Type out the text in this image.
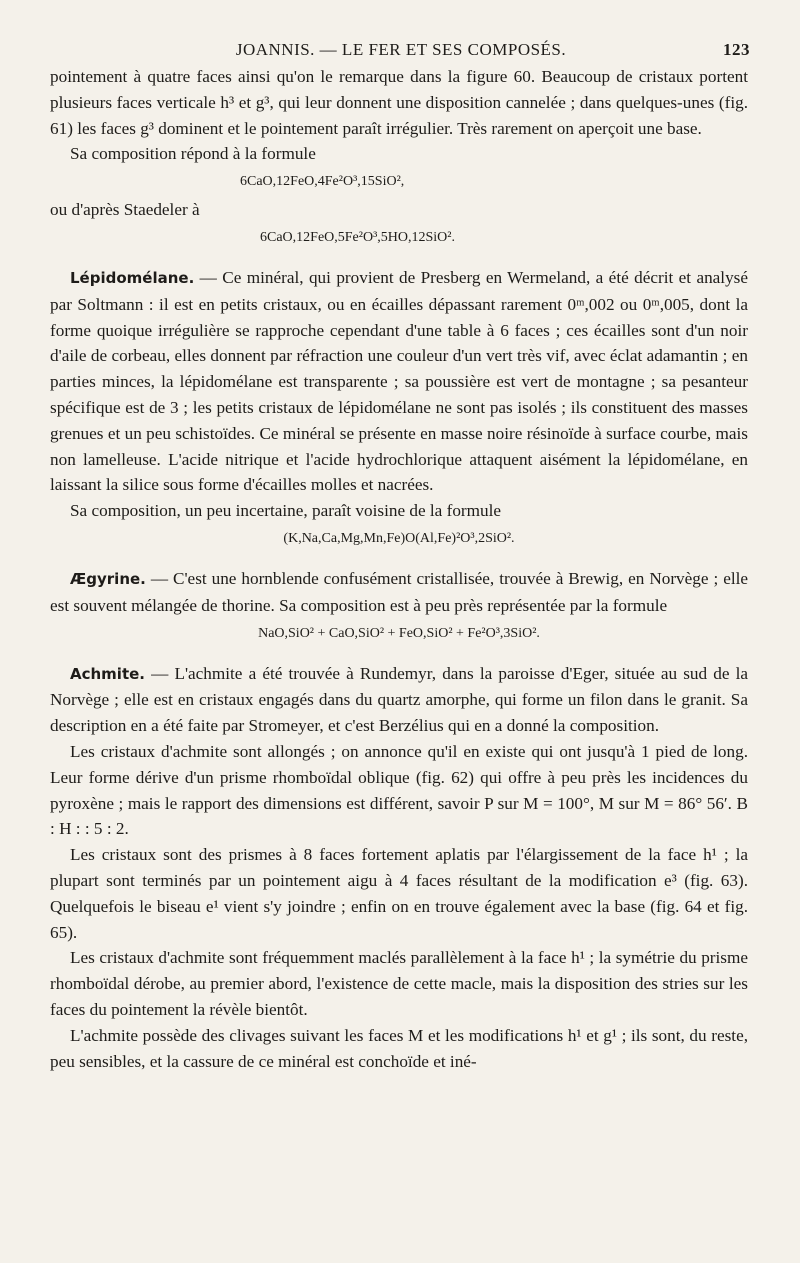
JOANNIS. — LE FER ET SES COMPOSÉS.	123

pointement à quatre faces ainsi qu'on le remarque dans la figure 60. Beaucoup de cristaux portent plusieurs faces verticale h³ et g³, qui leur donnent une disposition cannelée ; dans quelques-unes (fig. 61) les faces g³ dominent et le pointement paraît irrégulier. Très rarement on aperçoit une base.

Sa composition répond à la formule

6CaO,12FeO,4Fe²O³,15SiO²,

ou d'après Staedeler à

6CaO,12FeO,5Fe²O³,5HO,12SiO².

Lépidomélane. — Ce minéral, qui provient de Presberg en Wermeland, a été décrit et analysé par Soltmann : il est en petits cristaux, ou en écailles dépassant rarement 0ᵐ,002 ou 0ᵐ,005, dont la forme quoique irrégulière se rapproche cependant d'une table à 6 faces ; ces écailles sont d'un noir d'aile de corbeau, elles donnent par réfraction une couleur d'un vert très vif, avec éclat adamantin ; en parties minces, la lépidomélane est transparente ; sa poussière est vert de montagne ; sa pesanteur spécifique est de 3 ; les petits cristaux de lépidomélane ne sont pas isolés ; ils constituent des masses grenues et un peu schistoïdes. Ce minéral se présente en masse noire résinoïde à surface courbe, mais non lamelleuse. L'acide nitrique et l'acide hydrochlorique attaquent aisément la lépidomélane, en laissant la silice sous forme d'écailles molles et nacrées.

Sa composition, un peu incertaine, paraît voisine de la formule

(K,Na,Ca,Mg,Mn,Fe)O(Al,Fe)²O³,2SiO².

Ægyrine. — C'est une hornblende confusément cristallisée, trouvée à Brewig, en Norvège ; elle est souvent mélangée de thorine. Sa composition est à peu près représentée par la formule

NaO,SiO² + CaO,SiO² + FeO,SiO² + Fe²O³,3SiO².

Achmite. — L'achmite a été trouvée à Rundemyr, dans la paroisse d'Eger, située au sud de la Norvège ; elle est en cristaux engagés dans du quartz amorphe, qui forme un filon dans le granit. Sa description en a été faite par Stromeyer, et c'est Berzélius qui en a donné la composition.

Les cristaux d'achmite sont allongés ; on annonce qu'il en existe qui ont jusqu'à 1 pied de long. Leur forme dérive d'un prisme rhomboïdal oblique (fig. 62) qui offre à peu près les incidences du pyroxène ; mais le rapport des dimensions est différent, savoir P sur M = 100°, M sur M = 86° 56′. B : H : : 5 : 2.

Les cristaux sont des prismes à 8 faces fortement aplatis par l'élargissement de la face h¹ ; la plupart sont terminés par un pointement aigu à 4 faces résultant de la modification e³ (fig. 63). Quelquefois le biseau e¹ vient s'y joindre ; enfin on en trouve également avec la base (fig. 64 et fig. 65).

Les cristaux d'achmite sont fréquemment maclés parallèlement à la face h¹ ; la symétrie du prisme rhomboïdal dérobe, au premier abord, l'existence de cette macle, mais la disposition des stries sur les faces du pointement la révèle bientôt.

L'achmite possède des clivages suivant les faces M et les modifications h¹ et g¹ ; ils sont, du reste, peu sensibles, et la cassure de ce minéral est conchoïde et iné-
